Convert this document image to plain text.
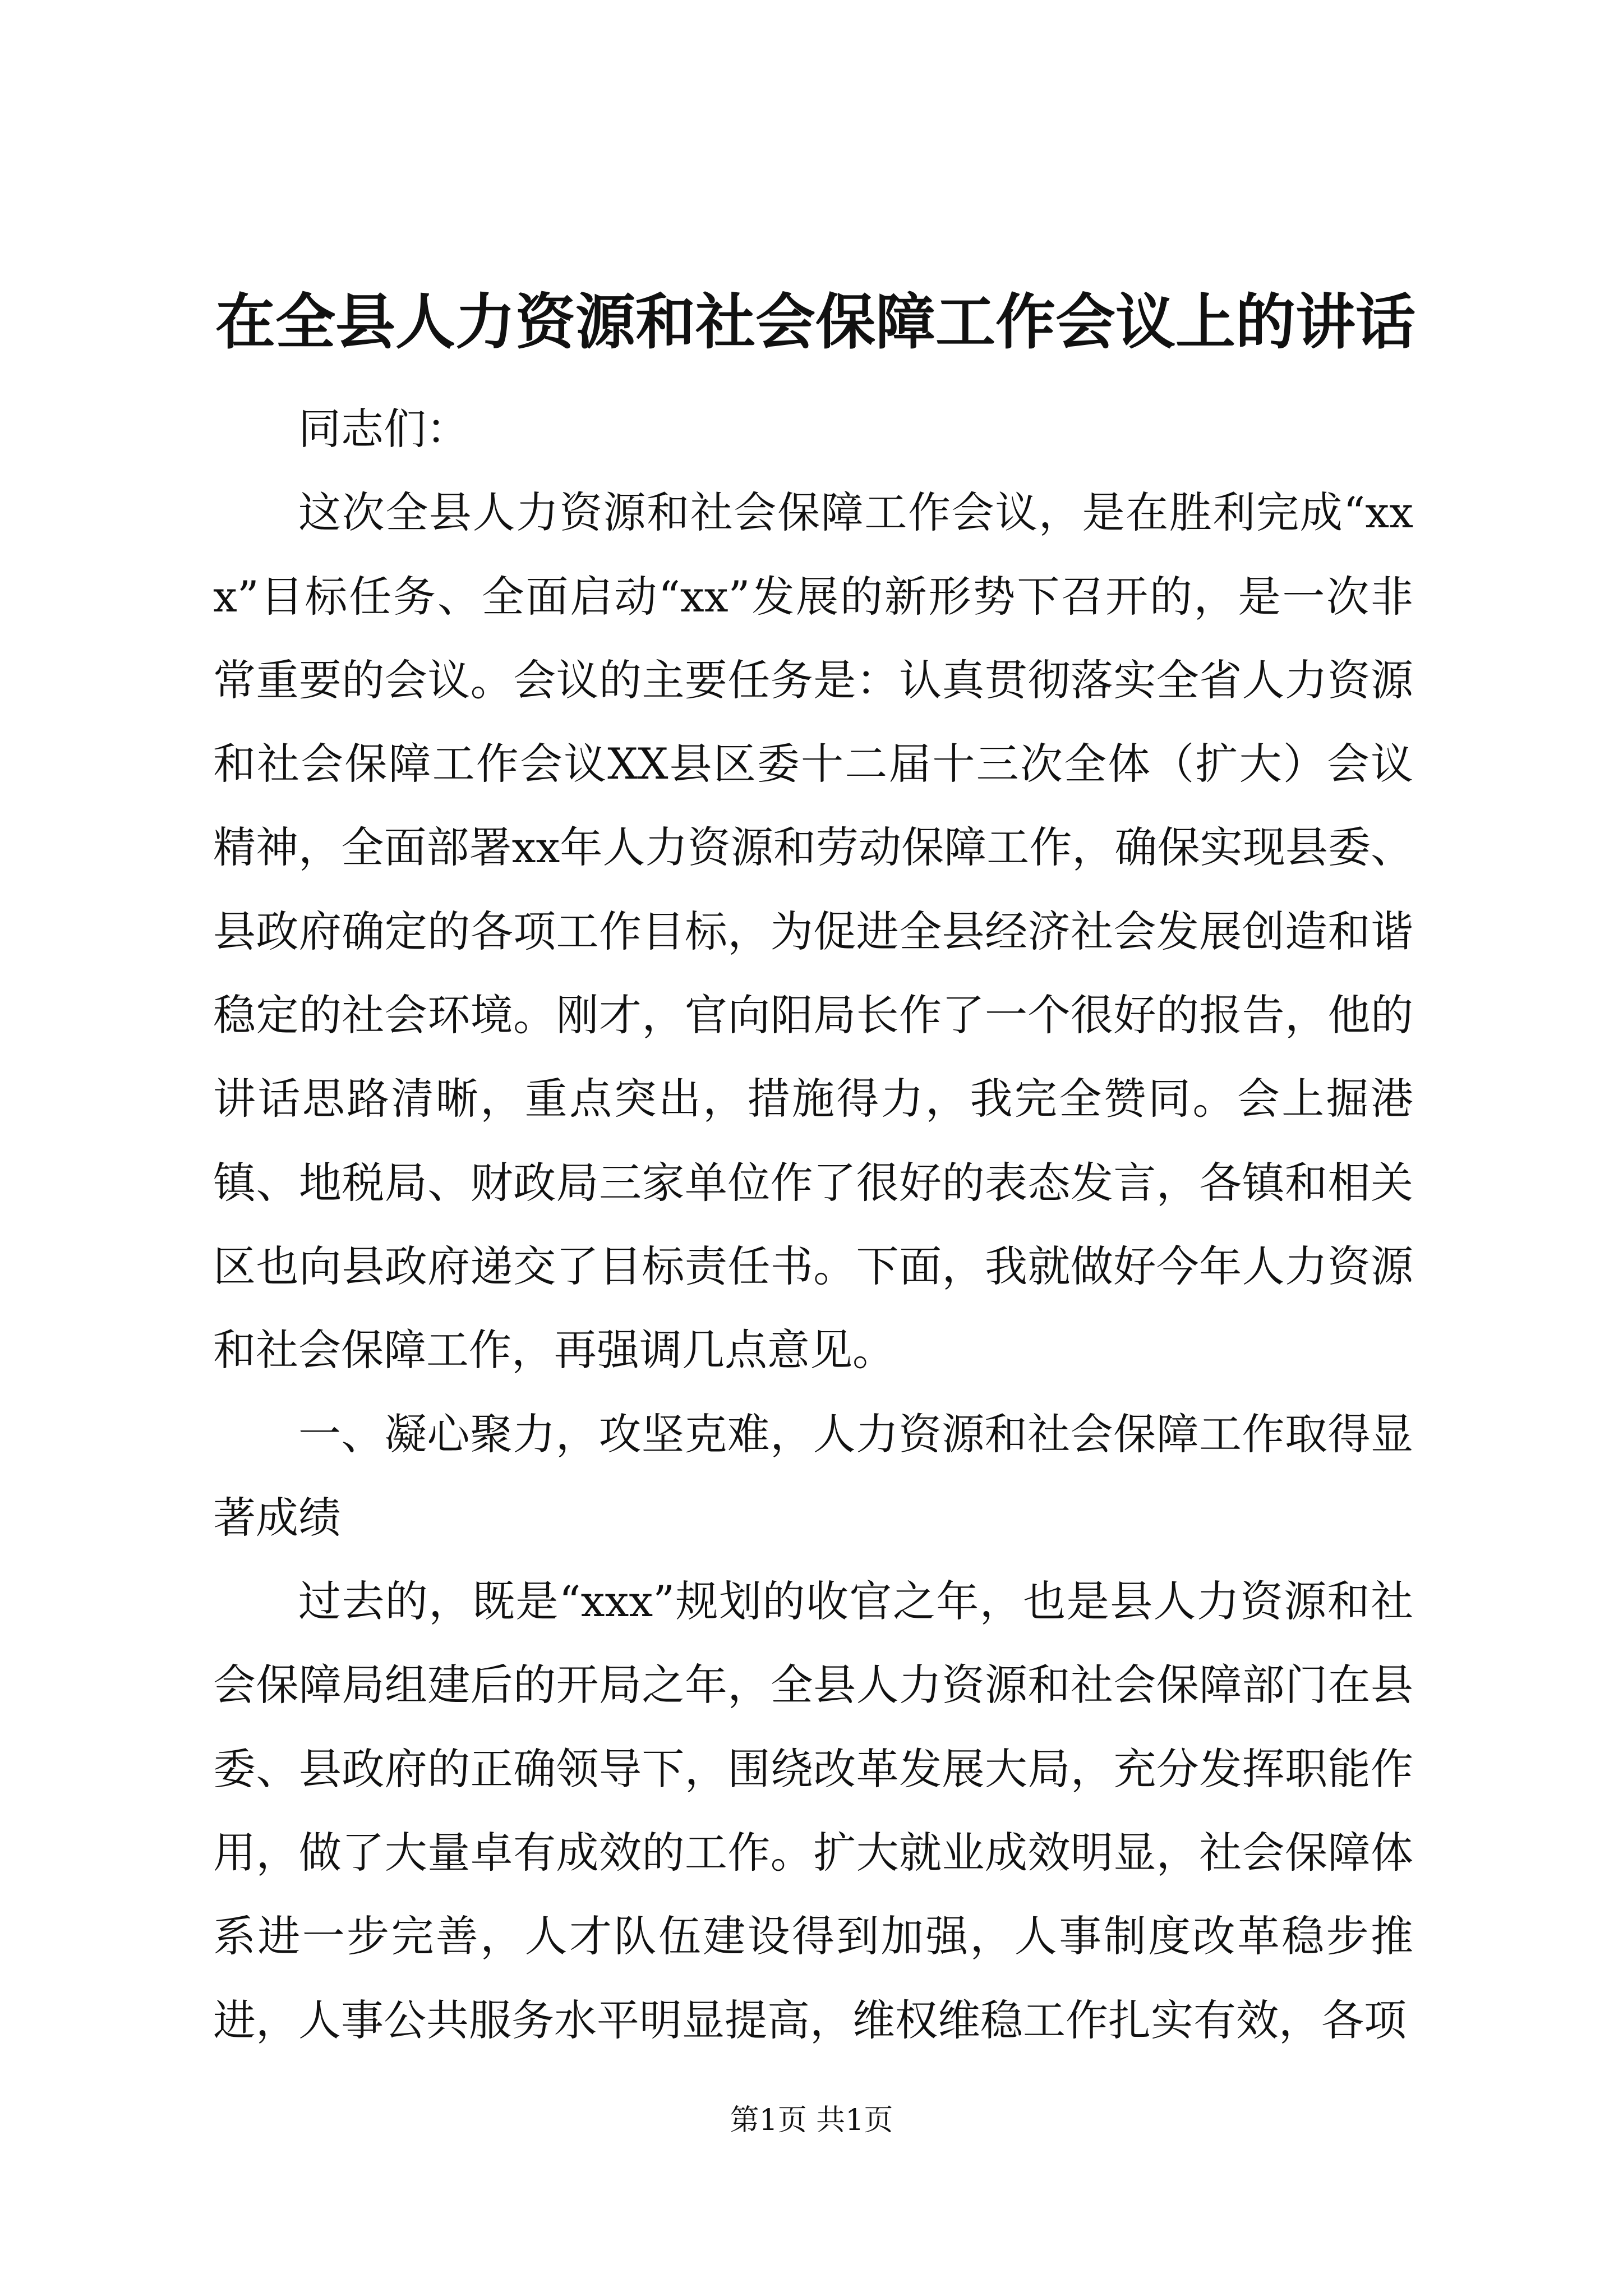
在全县人力资源和社会保障工作会议上的讲话

同志们：

这次全县人力资源和社会保障工作会议，是在胜利完成“xxx”目标任务、全面启动“xx”发展的新形势下召开的，是一次非常重要的会议。会议的主要任务是：认真贯彻落实全省人力资源和社会保障工作会议XX县区委十二届十三次全体（扩大）会议精神，全面部署xx年人力资源和劳动保障工作，确保实现县委、县政府确定的各项工作目标，为促进全县经济社会发展创造和谐稳定的社会环境。刚才，官向阳局长作了一个很好的报告，他的讲话思路清晰，重点突出，措施得力，我完全赞同。会上掘港镇、地税局、财政局三家单位作了很好的表态发言，各镇和相关区也向县政府递交了目标责任书。下面，我就做好今年人力资源和社会保障工作，再强调几点意见。

一、凝心聚力，攻坚克难，人力资源和社会保障工作取得显著成绩

过去的，既是“xxx”规划的收官之年，也是县人力资源和社会保障局组建后的开局之年，全县人力资源和社会保障部门在县委、县政府的正确领导下，围绕改革发展大局，充分发挥职能作用，做了大量卓有成效的工作。扩大就业成效明显，社会保障体系进一步完善，人才队伍建设得到加强，人事制度改革稳步推进，人事公共服务水平明显提高，维权维稳工作扎实有效，各项

第1页 共1页
